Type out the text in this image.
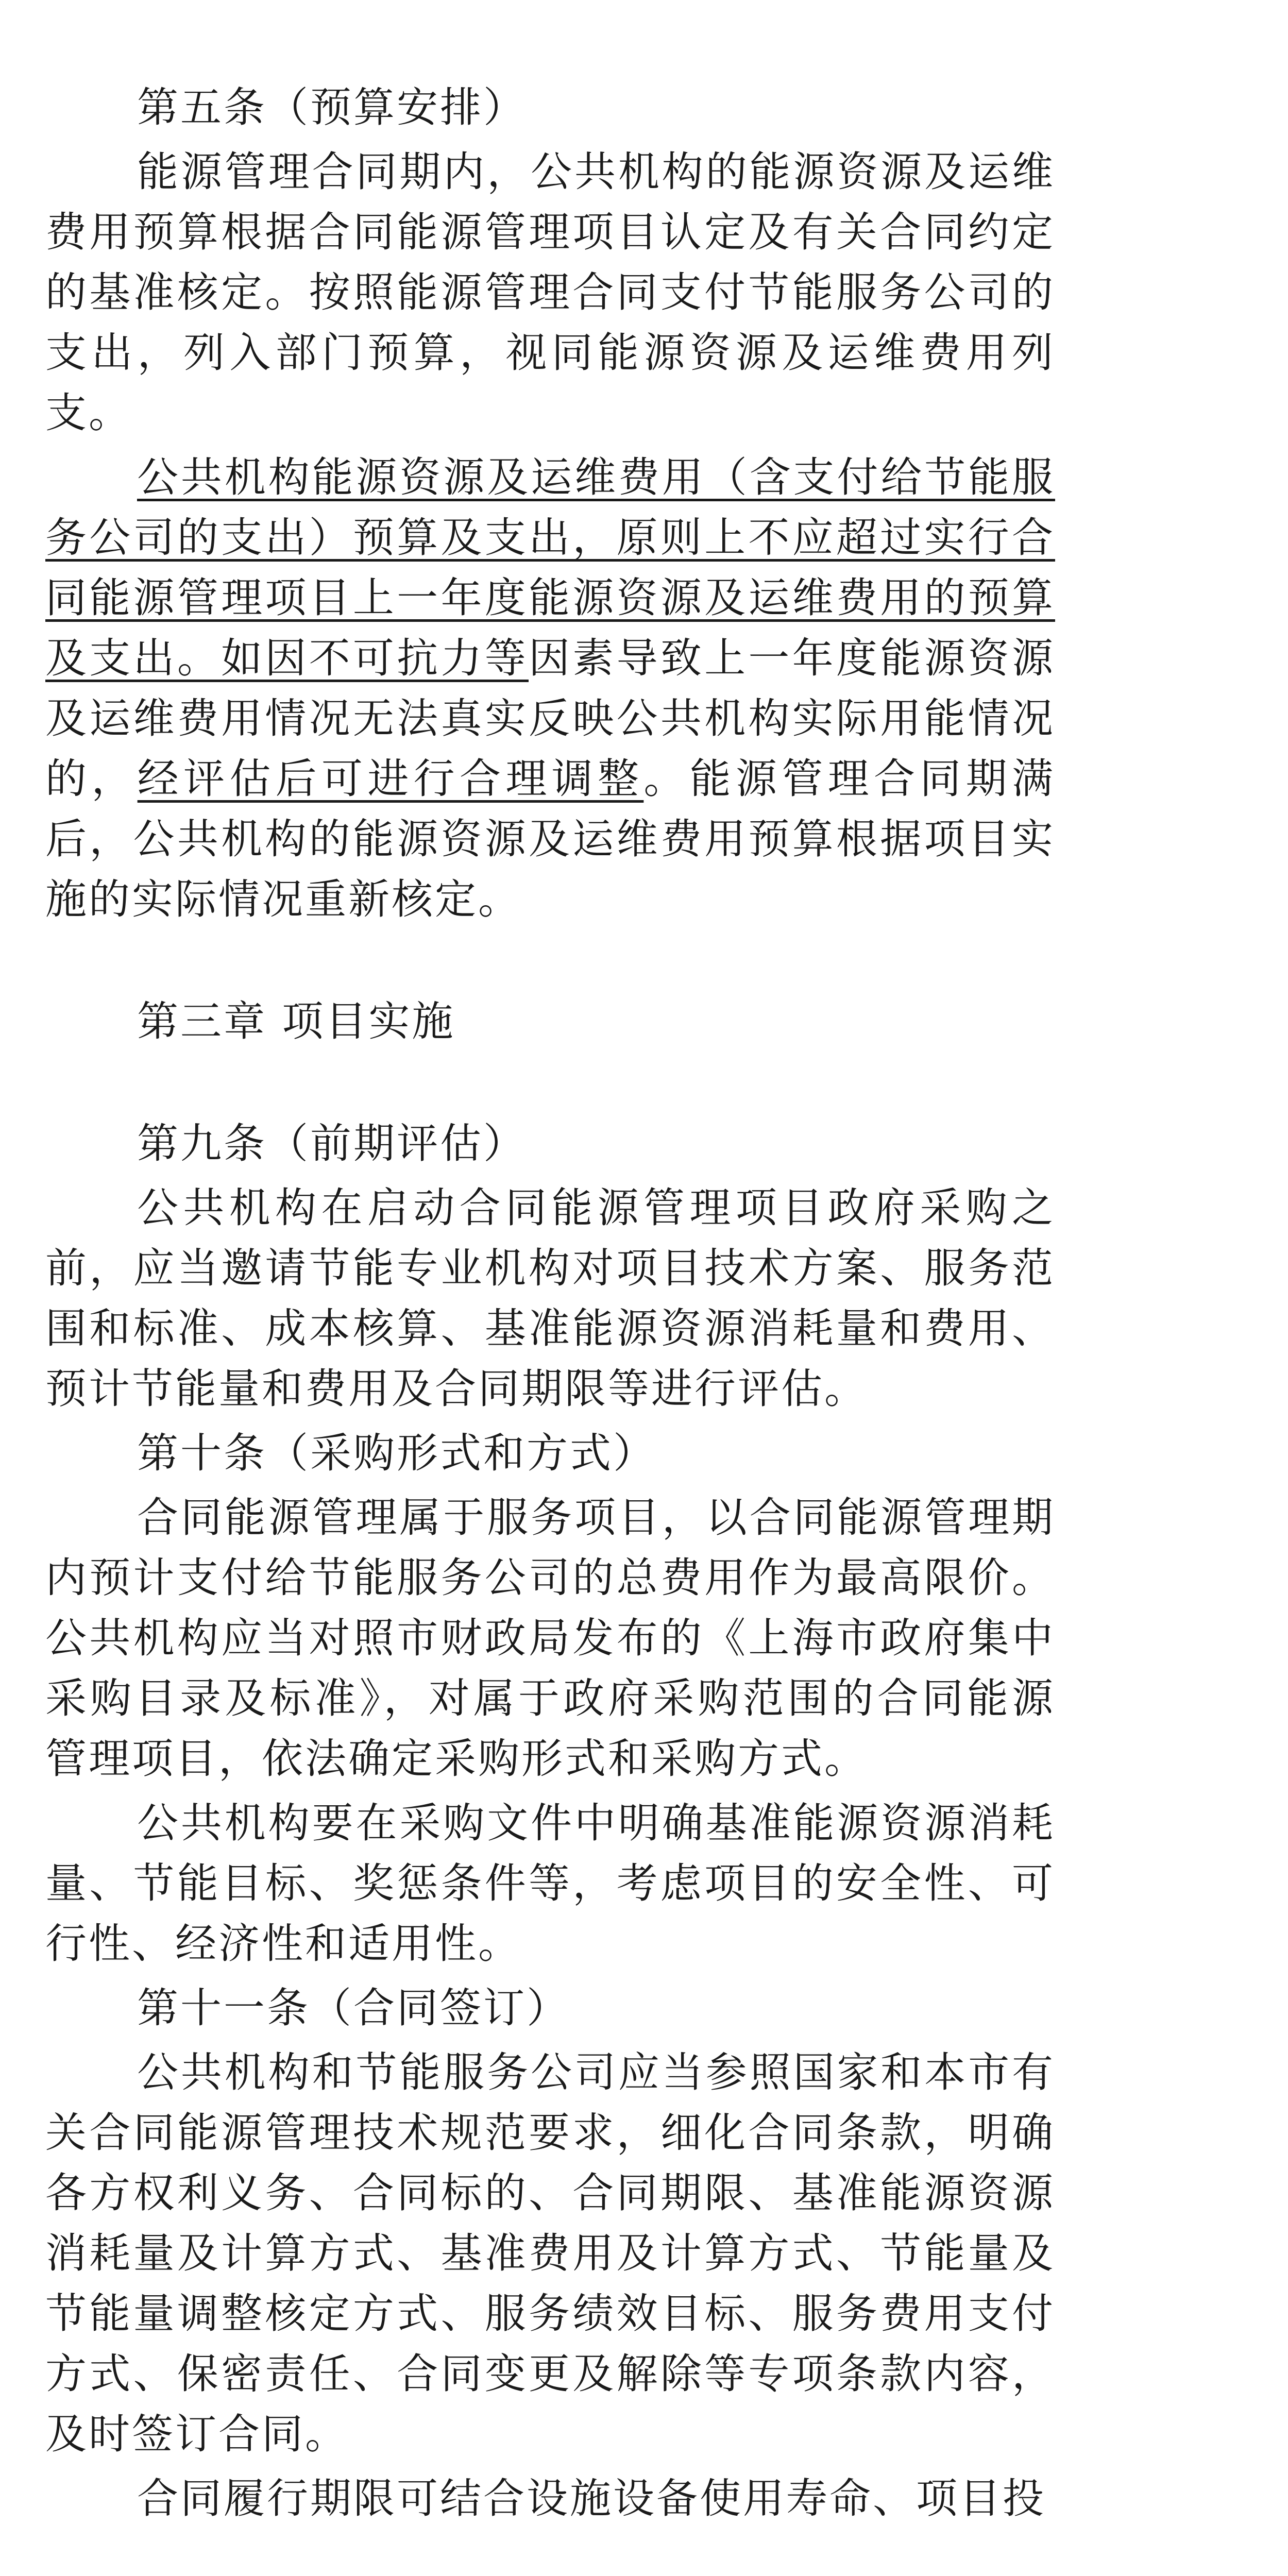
第五条（预算安排）

能源管理合同期内，公共机构的能源资源及运维费用预算根据合同能源管理项目认定及有关合同约定的基准核定。按照能源管理合同支付节能服务公司的支出，列入部门预算，视同能源资源及运维费用列支。

公共机构能源资源及运维费用（含支付给节能服务公司的支出）预算及支出，原则上不应超过实行合同能源管理项目上一年度能源资源及运维费用的预算及支出。如因不可抗力等因素导致上一年度能源资源及运维费用情况无法真实反映公共机构实际用能情况的，经评估后可进行合理调整。能源管理合同期满后，公共机构的能源资源及运维费用预算根据项目实施的实际情况重新核定。

第三章 项目实施

第九条（前期评估）

公共机构在启动合同能源管理项目政府采购之前，应当邀请节能专业机构对项目技术方案、服务范围和标准、成本核算、基准能源资源消耗量和费用、预计节能量和费用及合同期限等进行评估。

第十条（采购形式和方式）

合同能源管理属于服务项目，以合同能源管理期内预计支付给节能服务公司的总费用作为最高限价。公共机构应当对照市财政局发布的《上海市政府集中采购目录及标准》，对属于政府采购范围的合同能源管理项目，依法确定采购形式和采购方式。

公共机构要在采购文件中明确基准能源资源消耗量、节能目标、奖惩条件等，考虑项目的安全性、可行性、经济性和适用性。

第十一条（合同签订）

公共机构和节能服务公司应当参照国家和本市有关合同能源管理技术规范要求，细化合同条款，明确各方权利义务、合同标的、合同期限、基准能源资源消耗量及计算方式、基准费用及计算方式、节能量及节能量调整核定方式、服务绩效目标、服务费用支付方式、保密责任、合同变更及解除等专项条款内容，及时签订合同。

合同履行期限可结合设施设备使用寿命、项目投
